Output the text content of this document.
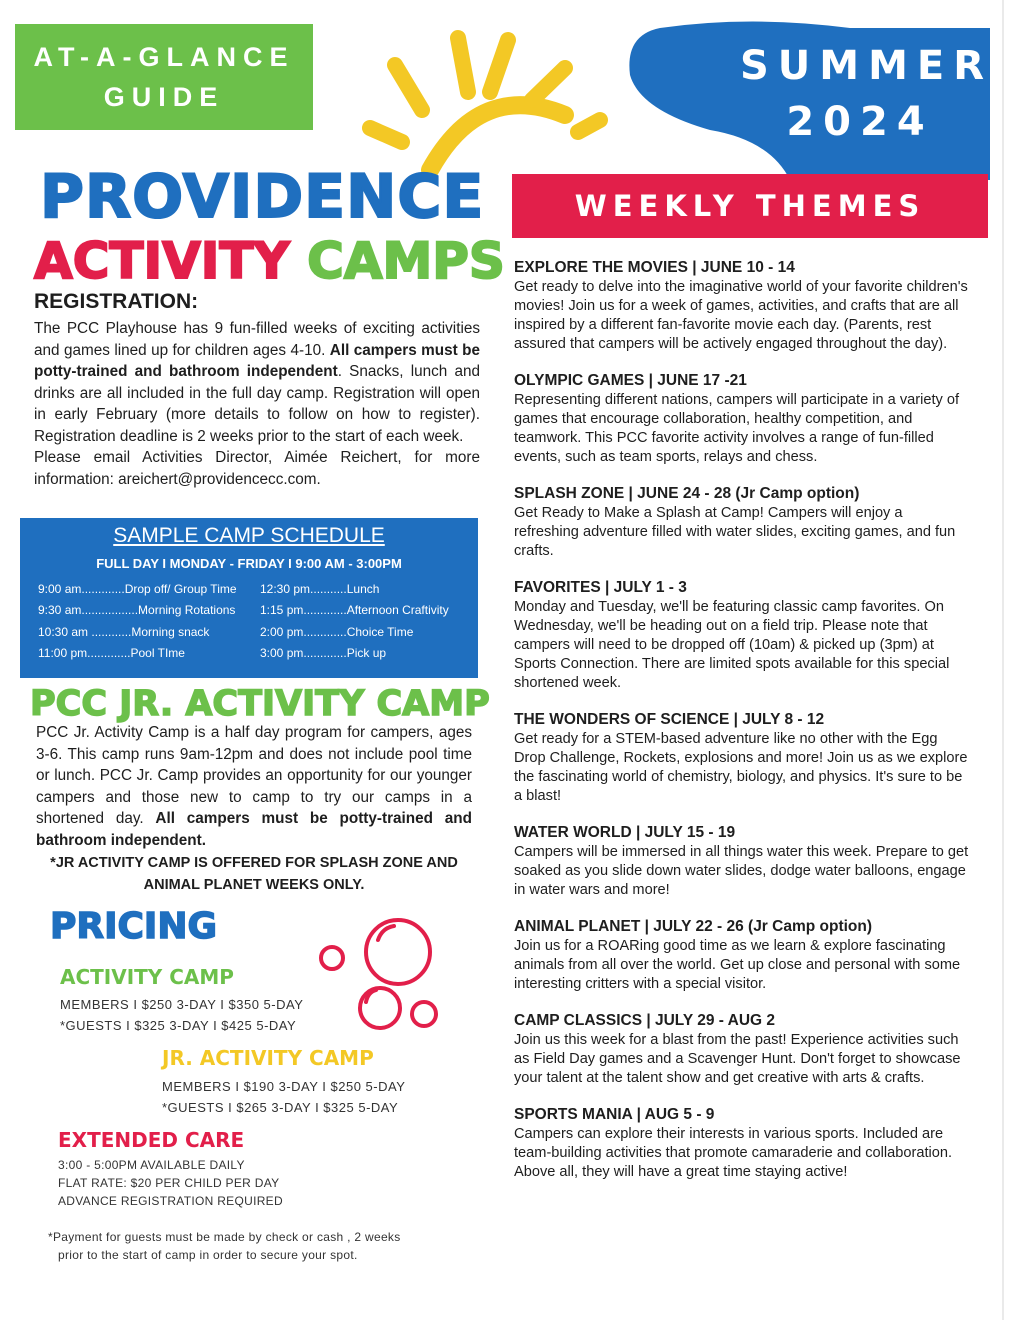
AT-A-GLANCE
GUIDE
SUMMER
2024
WEEKLY THEMES
PROVIDENCE
ACTIVITY CAMPS
REGISTRATION:
The PCC Playhouse has 9 fun-filled weeks of exciting activities and games lined up for children ages 4-10. All campers must be potty-trained and bathroom independent. Snacks, lunch and drinks are all included in the full day camp. Registration will open in early February (more details to follow on how to register). Registration deadline is 2 weeks prior to the start of each week.
Please email Activities Director, Aimée Reichert, for more information: areichert@providencecc.com.
SAMPLE CAMP SCHEDULE
FULL DAY I MONDAY - FRIDAY I 9:00 AM - 3:00PM
9:00 am.............Drop off/ Group Time
9:30 am.................Morning Rotations
10:30 am ............Morning snack
11:00 pm.............Pool TIme
12:30 pm...........Lunch
1:15 pm.............Afternoon Craftivity
2:00 pm.............Choice Time
3:00 pm.............Pick up
PCC JR. ACTIVITY CAMP
PCC Jr. Activity Camp is a half day program for campers, ages 3-6. This camp runs 9am-12pm and does not include pool time or lunch. PCC Jr. Camp provides an opportunity for our younger campers and those new to camp to try our camps in a shortened day. All campers must be potty-trained and bathroom independent.
*JR ACTIVITY CAMP IS OFFERED FOR SPLASH ZONE AND ANIMAL PLANET WEEKS ONLY.
PRICING
ACTIVITY CAMP
MEMBERS I $250 3-DAY I $350 5-DAY
*GUESTS I $325 3-DAY I $425 5-DAY
JR. ACTIVITY CAMP
MEMBERS I $190 3-DAY I $250 5-DAY
*GUESTS I $265 3-DAY I $325 5-DAY
EXTENDED CARE
3:00 - 5:00PM AVAILABLE DAILY
FLAT RATE: $20 PER CHILD PER DAY
ADVANCE REGISTRATION REQUIRED
*Payment for guests must be made by check or cash , 2 weeks
prior to the start of camp in order to secure your spot.
EXPLORE THE MOVIES | JUNE 10 - 14
Get ready to delve into the imaginative world of your favorite children's movies! Join us for a week of games, activities, and crafts that are all inspired by a different fan-favorite movie each day. (Parents, rest assured that campers will be actively engaged throughout the day).
OLYMPIC GAMES | JUNE 17 -21
Representing different nations, campers will participate in a variety of games that encourage collaboration, healthy competition, and teamwork. This PCC favorite activity involves a range of fun-filled events, such as team sports, relays and chess.
SPLASH ZONE | JUNE 24 - 28 (Jr Camp option)
Get Ready to Make a Splash at Camp! Campers will enjoy a refreshing adventure filled with water slides, exciting games, and fun crafts.
FAVORITES | JULY 1 - 3
Monday and Tuesday, we'll be featuring classic camp favorites. On Wednesday, we'll be heading out on a field trip. Please note that campers will need to be dropped off (10am) & picked up (3pm) at Sports Connection. There are limited spots available for this special shortened week.
THE WONDERS OF SCIENCE | JULY 8 - 12
Get ready for a STEM-based adventure like no other with the Egg Drop Challenge, Rockets, explosions and more! Join us as we explore the fascinating world of chemistry, biology, and physics. It's sure to be a blast!
WATER WORLD | JULY 15 - 19
Campers will be immersed in all things water this week. Prepare to get soaked as you slide down water slides, dodge water balloons, engage in water wars and more!
ANIMAL PLANET | JULY 22 - 26 (Jr Camp option)
Join us for a ROARing good time as we learn & explore fascinating animals from all over the world. Get up close and personal with some interesting critters with a special visitor.
CAMP CLASSICS | JULY 29 - AUG 2
Join us this week for a blast from the past! Experience activities such as Field Day games and a Scavenger Hunt. Don't forget to showcase your talent at the talent show and get creative with arts & crafts.
SPORTS MANIA | AUG 5 - 9
Campers can explore their interests in various sports. Included are team-building activities that promote camaraderie and collaboration. Above all, they will have a great time staying active!
